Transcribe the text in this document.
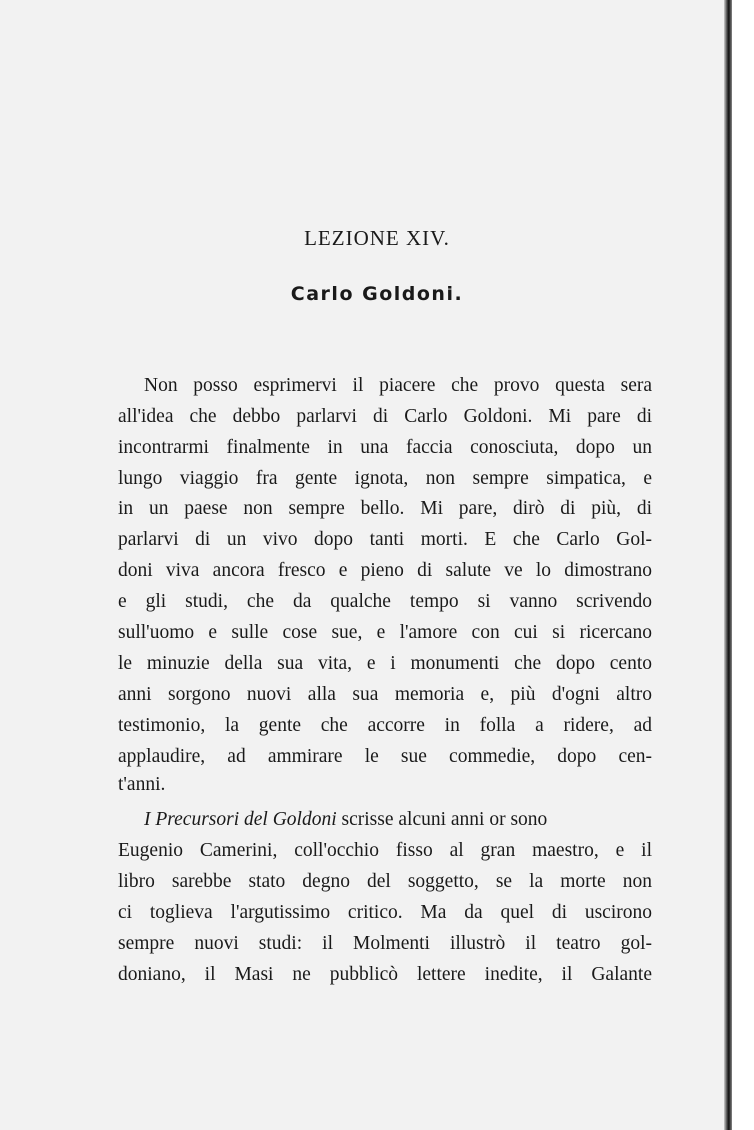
LEZIONE XIV.
Carlo Goldoni.
Non posso esprimervi il piacere che provo questa sera
all'idea che debbo parlarvi di Carlo Goldoni. Mi pare di
incontrarmi finalmente in una faccia conosciuta, dopo un
lungo viaggio fra gente ignota, non sempre simpatica, e
in un paese non sempre bello. Mi pare, dirò di più, di
parlarvi di un vivo dopo tanti morti. E che Carlo Gol-
doni viva ancora fresco e pieno di salute ve lo dimostrano
e gli studi, che da qualche tempo si vanno scrivendo
sull'uomo e sulle cose sue, e l'amore con cui si ricercano
le minuzie della sua vita, e i monumenti che dopo cento
anni sorgono nuovi alla sua memoria e, più d'ogni altro
testimonio, la gente che accorre in folla a ridere, ad
applaudire, ad ammirare le sue commedie, dopo cen-
t'anni.
I Precursori del Goldoni scrisse alcuni anni or sono
Eugenio Camerini, coll'occhio fisso al gran maestro, e il
libro sarebbe stato degno del soggetto, se la morte non
ci toglieva l'argutissimo critico. Ma da quel di uscirono
sempre nuovi studi: il Molmenti illustrò il teatro gol-
doniano, il Masi ne pubblicò lettere inedite, il Galante
